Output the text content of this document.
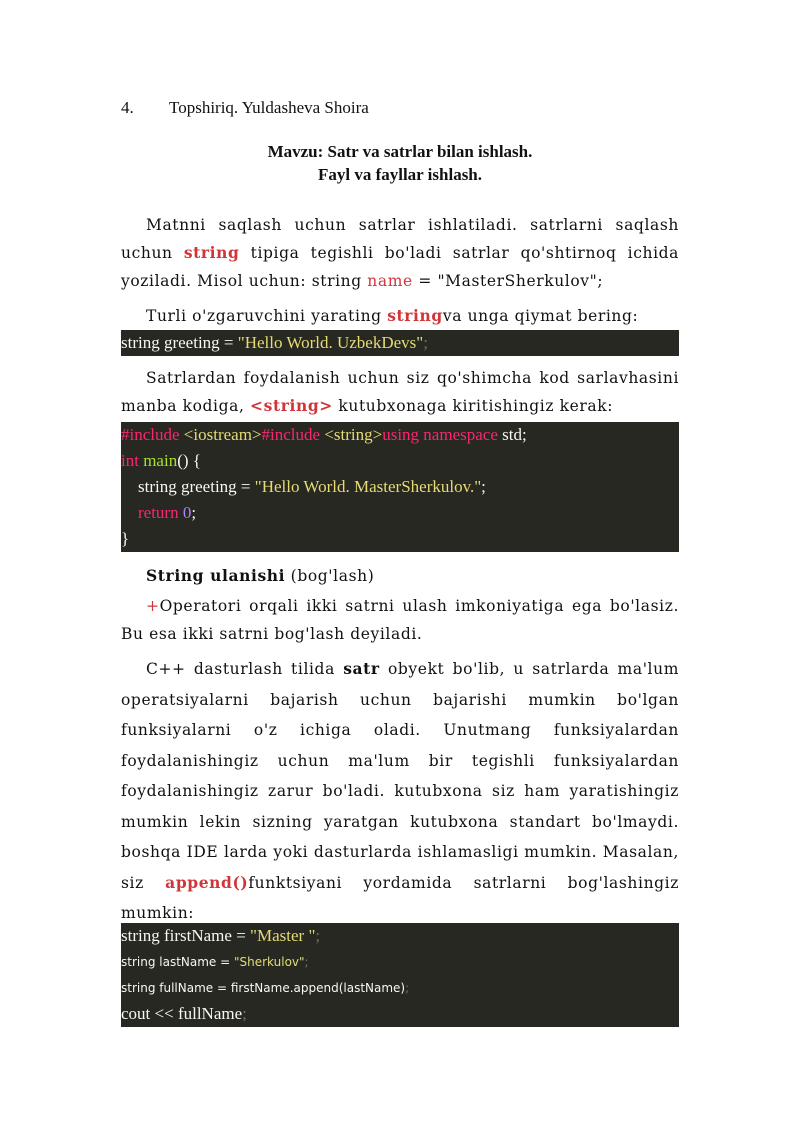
4. Topshiriq. Yuldasheva Shoira
Mavzu: Satr va satrlar bilan ishlash.
Fayl va fayllar ishlash.

Matnni saqlash uchun satrlar ishlatiladi. satrlarni saqlash uchun string tipiga tegishli bo'ladi satrlar qo'shtirnoq ichida yoziladi. Misol uchun: string name = "MasterSherkulov";

Turli o'zgaruvchini yarating stringva unga qiymat bering:

string greeting = "Hello World. UzbekDevs";

Satrlardan foydalanish uchun siz qo'shimcha kod sarlavhasini manba kodiga, <string> kutubxonaga kiritishingiz kerak:

#include <iostream>#include <string>using namespace std;
int main() {
string greeting = "Hello World. MasterSherkulov.";
return 0;
}

String ulanishi (bog'lash)

+Operatori orqali ikki satrni ulash imkoniyatiga ega bo'lasiz. Bu esa ikki satrni bog'lash deyiladi.

C++ dasturlash tilida satr obyekt bo'lib, u satrlarda ma'lum operatsiyalarni bajarish uchun bajarishi mumkin bo'lgan funksiyalarni o'z ichiga oladi. Unutmang funksiyalardan foydalanishingiz uchun ma'lum bir tegishli funksiyalardan foydalanishingiz zarur bo'ladi. kutubxona siz ham yaratishingiz mumkin lekin sizning yaratgan kutubxona standart bo'lmaydi. boshqa IDE larda yoki dasturlarda ishlamasligi mumkin. Masalan, siz append()funktsiyani yordamida satrlarni bog'lashingiz mumkin:

string firstName = "Master ";
string lastName = "Sherkulov";
string fullName = firstName.append(lastName);
cout << fullName;
